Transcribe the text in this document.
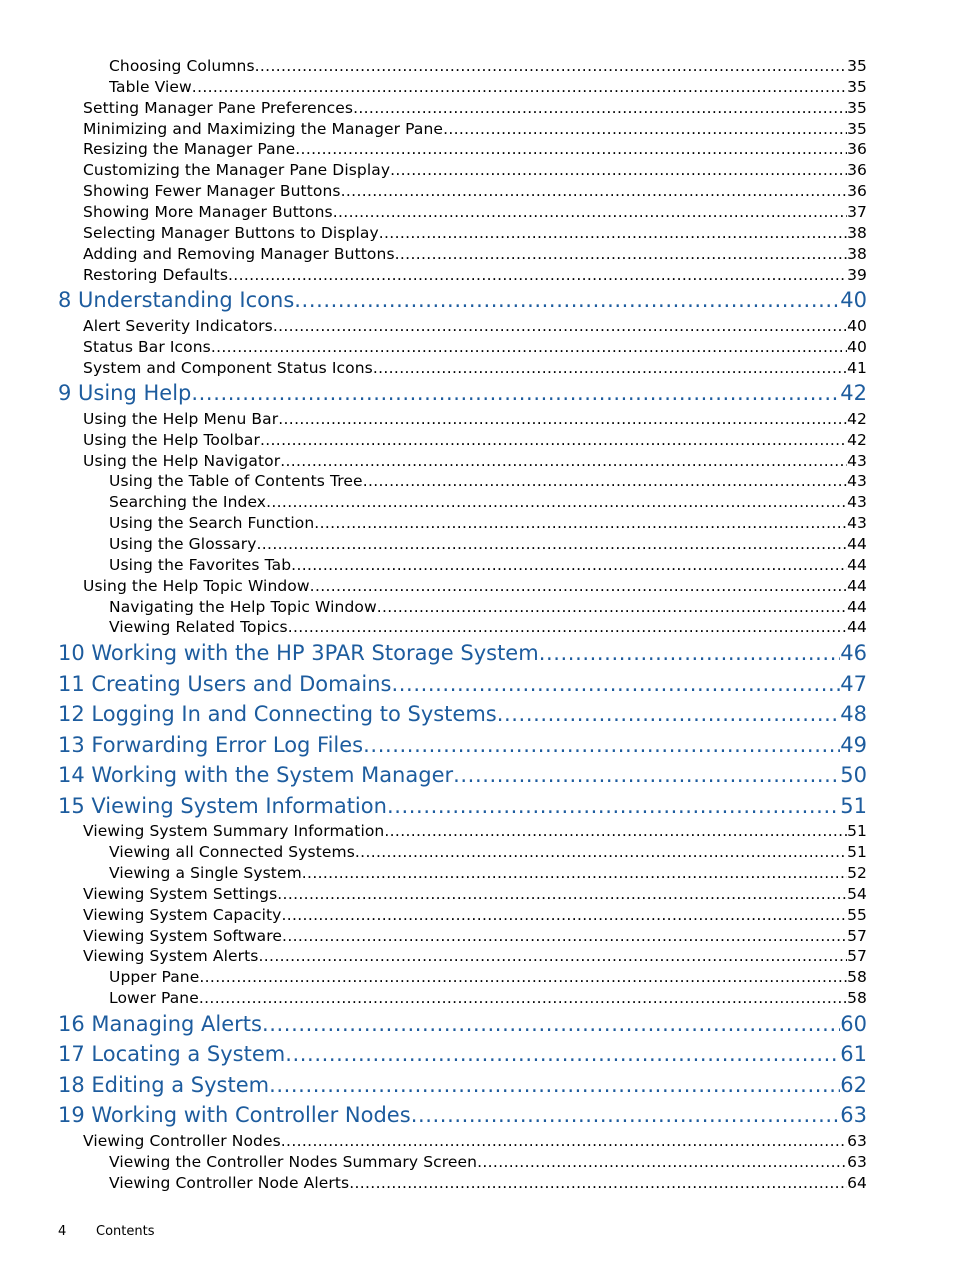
Choosing Columns .....	35
Table View .....	35
Setting Manager Pane Preferences .....	35
Minimizing and Maximizing the Manager Pane .....	35
Resizing the Manager Pane .....	36
Customizing the Manager Pane Display .....	36
Showing Fewer Manager Buttons .....	36
Showing More Manager Buttons .....	37
Selecting Manager Buttons to Display .....	38
Adding and Removing Manager Buttons .....	38
Restoring Defaults .....	39
8 Understanding Icons .....	40
Alert Severity Indicators .....	40
Status Bar Icons .....	40
System and Component Status Icons .....	41
9 Using Help .....	42
Using the Help Menu Bar .....	42
Using the Help Toolbar .....	42
Using the Help Navigator .....	43
Using the Table of Contents Tree .....	43
Searching the Index .....	43
Using the Search Function .....	43
Using the Glossary .....	44
Using the Favorites Tab .....	44
Using the Help Topic Window .....	44
Navigating the Help Topic Window .....	44
Viewing Related Topics .....	44
10 Working with the HP 3PAR Storage System .....	46
11 Creating Users and Domains .....	47
12 Logging In and Connecting to Systems .....	48
13 Forwarding Error Log Files .....	49
14 Working with the System Manager .....	50
15 Viewing System Information .....	51
Viewing System Summary Information .....	51
Viewing all Connected Systems .....	51
Viewing a Single System .....	52
Viewing System Settings .....	54
Viewing System Capacity .....	55
Viewing System Software .....	57
Viewing System Alerts .....	57
Upper Pane .....	58
Lower Pane .....	58
16 Managing Alerts .....	60
17 Locating a System .....	61
18 Editing a System .....	62
19 Working with Controller Nodes .....	63
Viewing Controller Nodes .....	63
Viewing the Controller Nodes Summary Screen .....	63
Viewing Controller Node Alerts .....	64
4	Contents
